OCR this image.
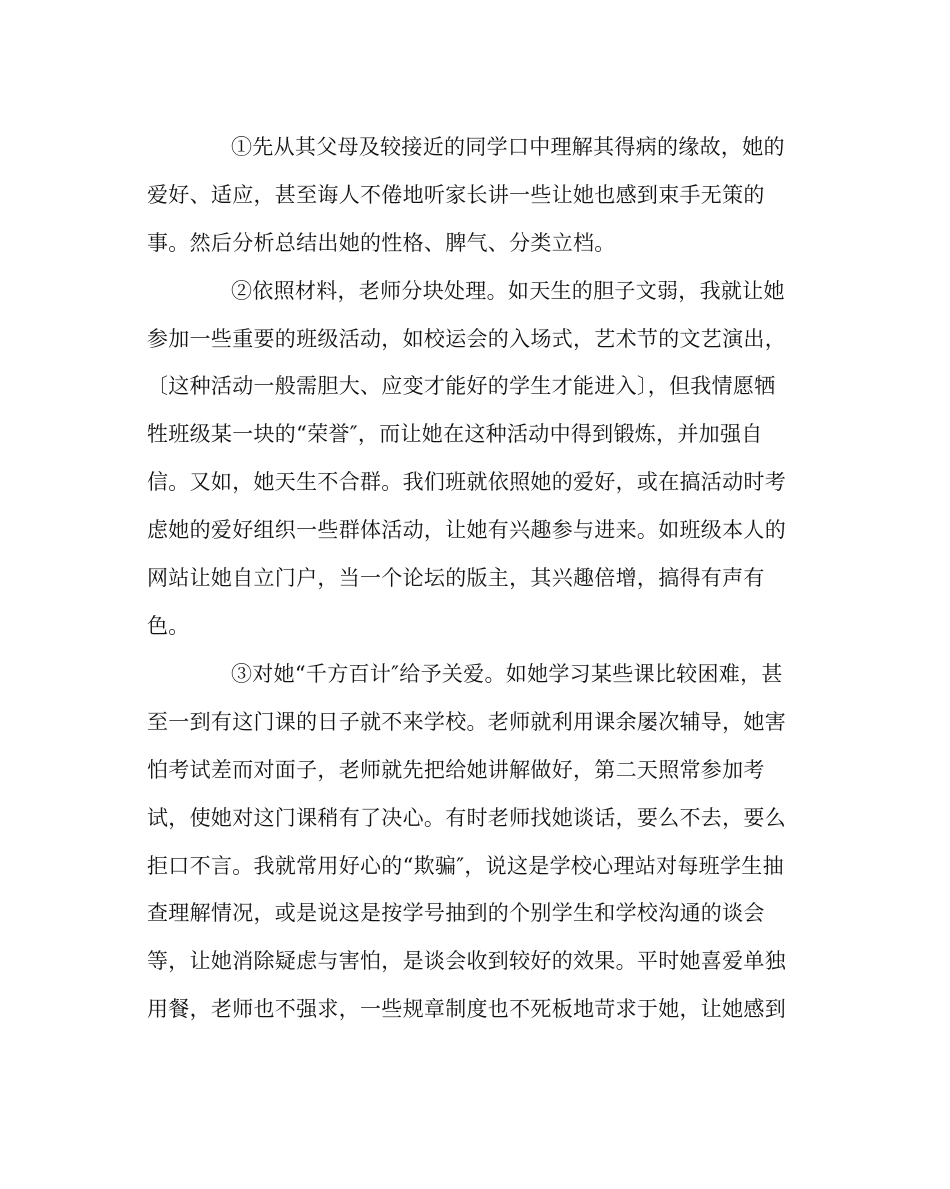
①先从其父母及较接近的同学口中理解其得病的缘故，她的
爱好、适应，甚至诲人不倦地听家长讲一些让她也感到束手无策的
事。然后分析总结出她的性格、脾气、分类立档。
②依照材料，老师分块处理。如天生的胆子文弱，我就让她
参加一些重要的班级活动，如校运会的入场式，艺术节的文艺演出，
〔这种活动一般需胆大、应变才能好的学生才能进入〕，但我情愿牺
牲班级某一块的“荣誉″，而让她在这种活动中得到锻炼，并加强自
信。又如，她天生不合群。我们班就依照她的爱好，或在搞活动时考
虑她的爱好组织一些群体活动，让她有兴趣参与进来。如班级本人的
网站让她自立门户，当一个论坛的版主，其兴趣倍增，搞得有声有
色。
③对她“千方百计″给予关爱。如她学习某些课比较困难，甚
至一到有这门课的日子就不来学校。老师就利用课余屡次辅导，她害
怕考试差而对面子，老师就先把给她讲解做好，第二天照常参加考
试，使她对这门课稍有了决心。有时老师找她谈话，要么不去，要么
拒口不言。我就常用好心的“欺骗″，说这是学校心理站对每班学生抽
查理解情况，或是说这是按学号抽到的个别学生和学校沟通的谈会
等，让她消除疑虑与害怕，是谈会收到较好的效果。平时她喜爱单独
用餐，老师也不强求，一些规章制度也不死板地苛求于她，让她感到
